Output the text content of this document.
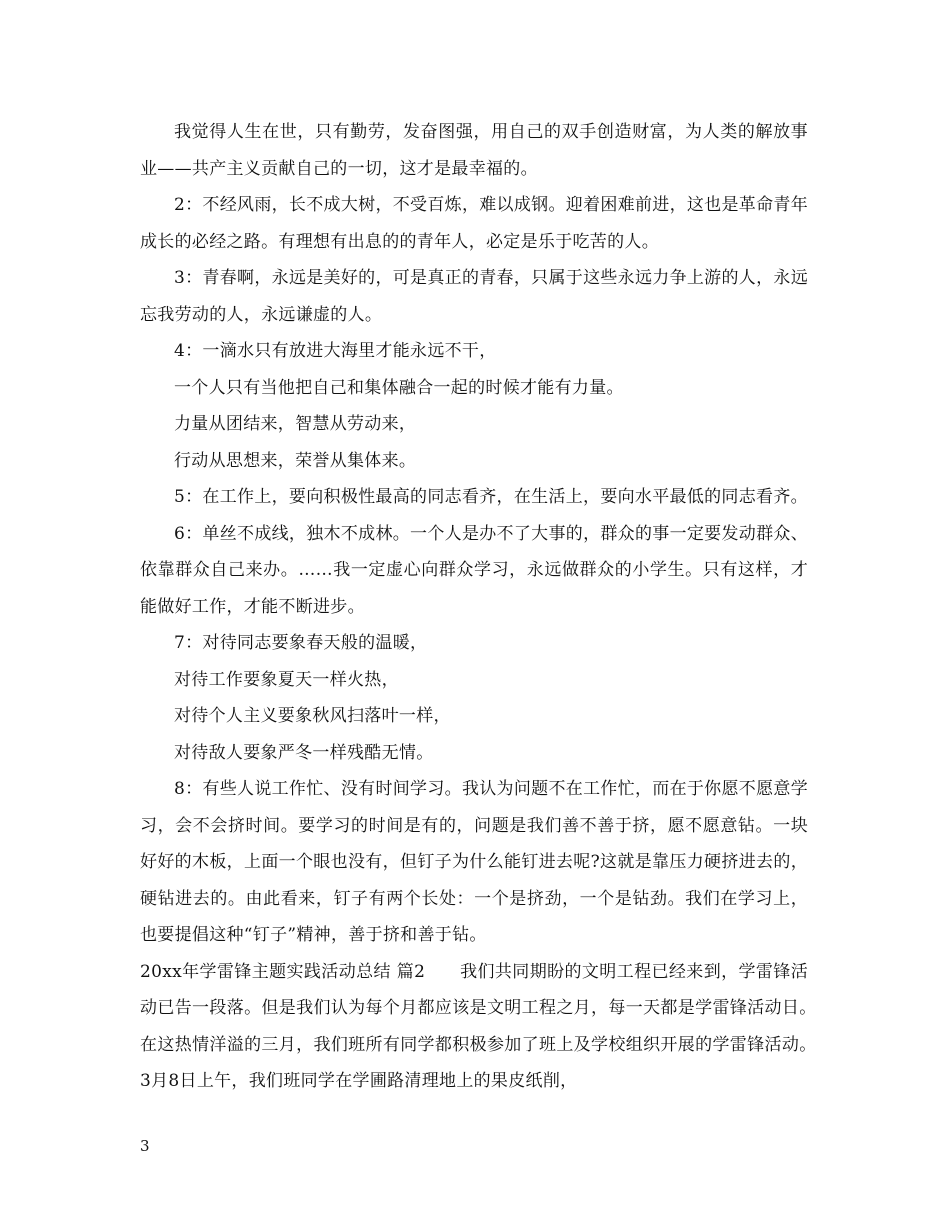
我觉得人生在世，只有勤劳，发奋图强，用自己的双手创造财富，为人类的解放事业——共产主义贡献自己的一切，这才是最幸福的。

2：不经风雨，长不成大树，不受百炼，难以成钢。迎着困难前进，这也是革命青年成长的必经之路。有理想有出息的的青年人，必定是乐于吃苦的人。

3：青春啊，永远是美好的，可是真正的青春，只属于这些永远力争上游的人，永远忘我劳动的人，永远谦虚的人。

4：一滴水只有放进大海里才能永远不干，

一个人只有当他把自己和集体融合一起的时候才能有力量。

力量从团结来，智慧从劳动来，

行动从思想来，荣誉从集体来。

5：在工作上，要向积极性最高的同志看齐，在生活上，要向水平最低的同志看齐。

6：单丝不成线，独木不成林。一个人是办不了大事的，群众的事一定要发动群众、依靠群众自己来办。……我一定虚心向群众学习，永远做群众的小学生。只有这样，才能做好工作，才能不断进步。

7：对待同志要象春天般的温暖，

对待工作要象夏天一样火热，

对待个人主义要象秋风扫落叶一样，

对待敌人要象严冬一样残酷无情。

8：有些人说工作忙、没有时间学习。我认为问题不在工作忙，而在于你愿不愿意学习，会不会挤时间。要学习的时间是有的，问题是我们善不善于挤，愿不愿意钻。一块好好的木板，上面一个眼也没有，但钉子为什么能钉进去呢?这就是靠压力硬挤进去的，硬钻进去的。由此看来，钉子有两个长处：一个是挤劲，一个是钻劲。我们在学习上，也要提倡这种“钉子”精神，善于挤和善于钻。

20xx年学雷锋主题实践活动总结 篇2　　我们共同期盼的文明工程已经来到，学雷锋活动已告一段落。但是我们认为每个月都应该是文明工程之月，每一天都是学雷锋活动日。　在这热情洋溢的三月，我们班所有同学都积极参加了班上及学校组织开展的学雷锋活动。　3月8日上午，我们班同学在学圃路清理地上的果皮纸削，

3
